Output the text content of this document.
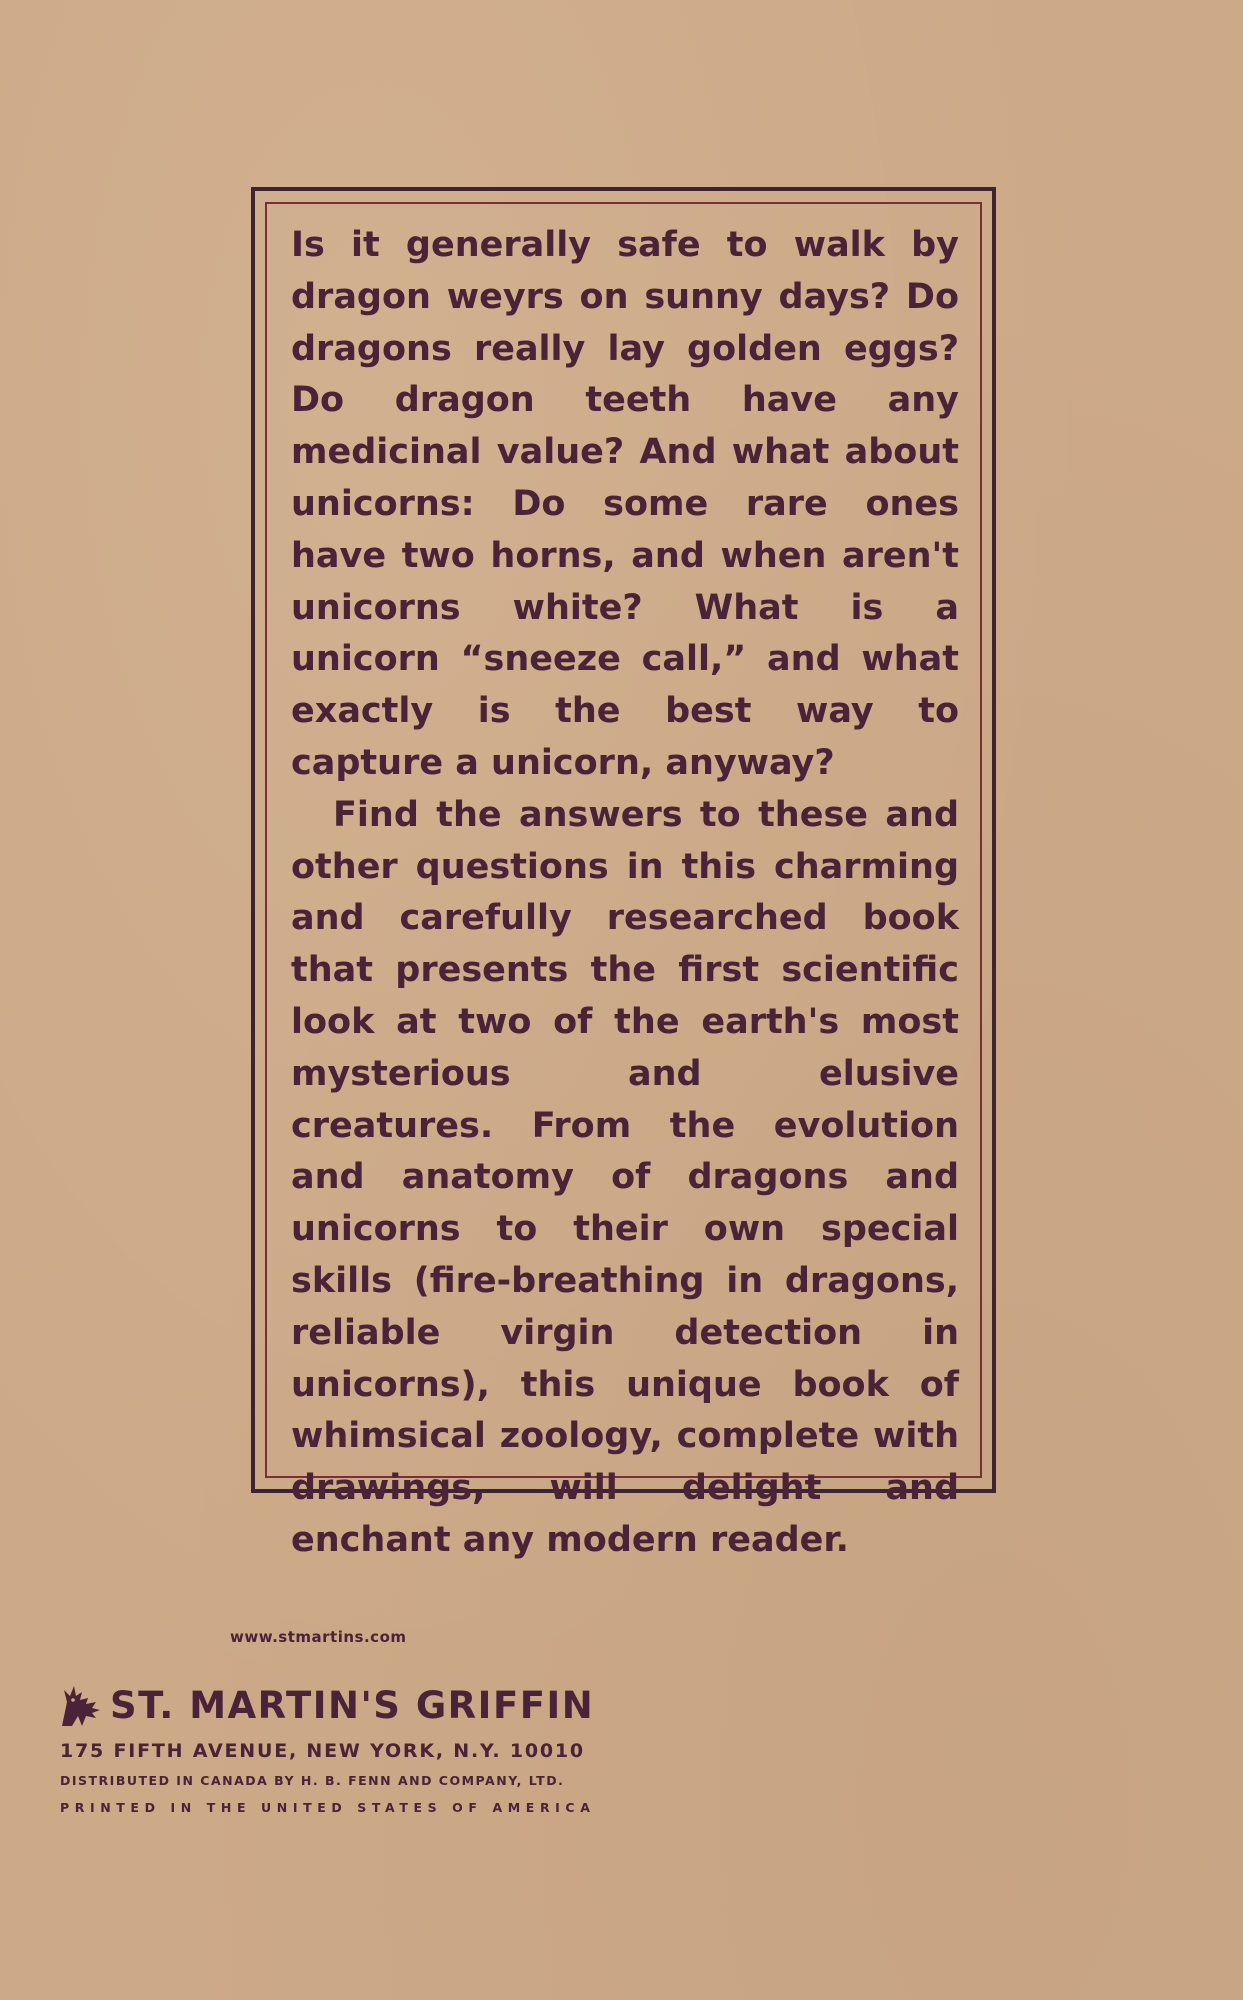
Is it generally safe to walk by dragon weyrs on sunny days? Do dragons really lay golden eggs? Do dragon teeth have any medicinal value? And what about unicorns: Do some rare ones have two horns, and when aren't unicorns white? What is a unicorn “sneeze call,” and what exactly is the best way to capture a unicorn, anyway?

Find the answers to these and other questions in this charming and carefully researched book that presents the first scientific look at two of the earth's most mysterious and elusive creatures. From the evolution and anatomy of dragons and unicorns to their own special skills (fire-breathing in dragons, reliable virgin detection in unicorns), this unique book of whimsical zoology, complete with drawings, will delight and enchant any modern reader.

www.stmartins.com
ST. MARTIN'S GRIFFIN
175 FIFTH AVENUE, NEW YORK, N.Y. 10010
DISTRIBUTED IN CANADA BY H. B. FENN AND COMPANY, LTD.
PRINTED IN THE UNITED STATES OF AMERICA
